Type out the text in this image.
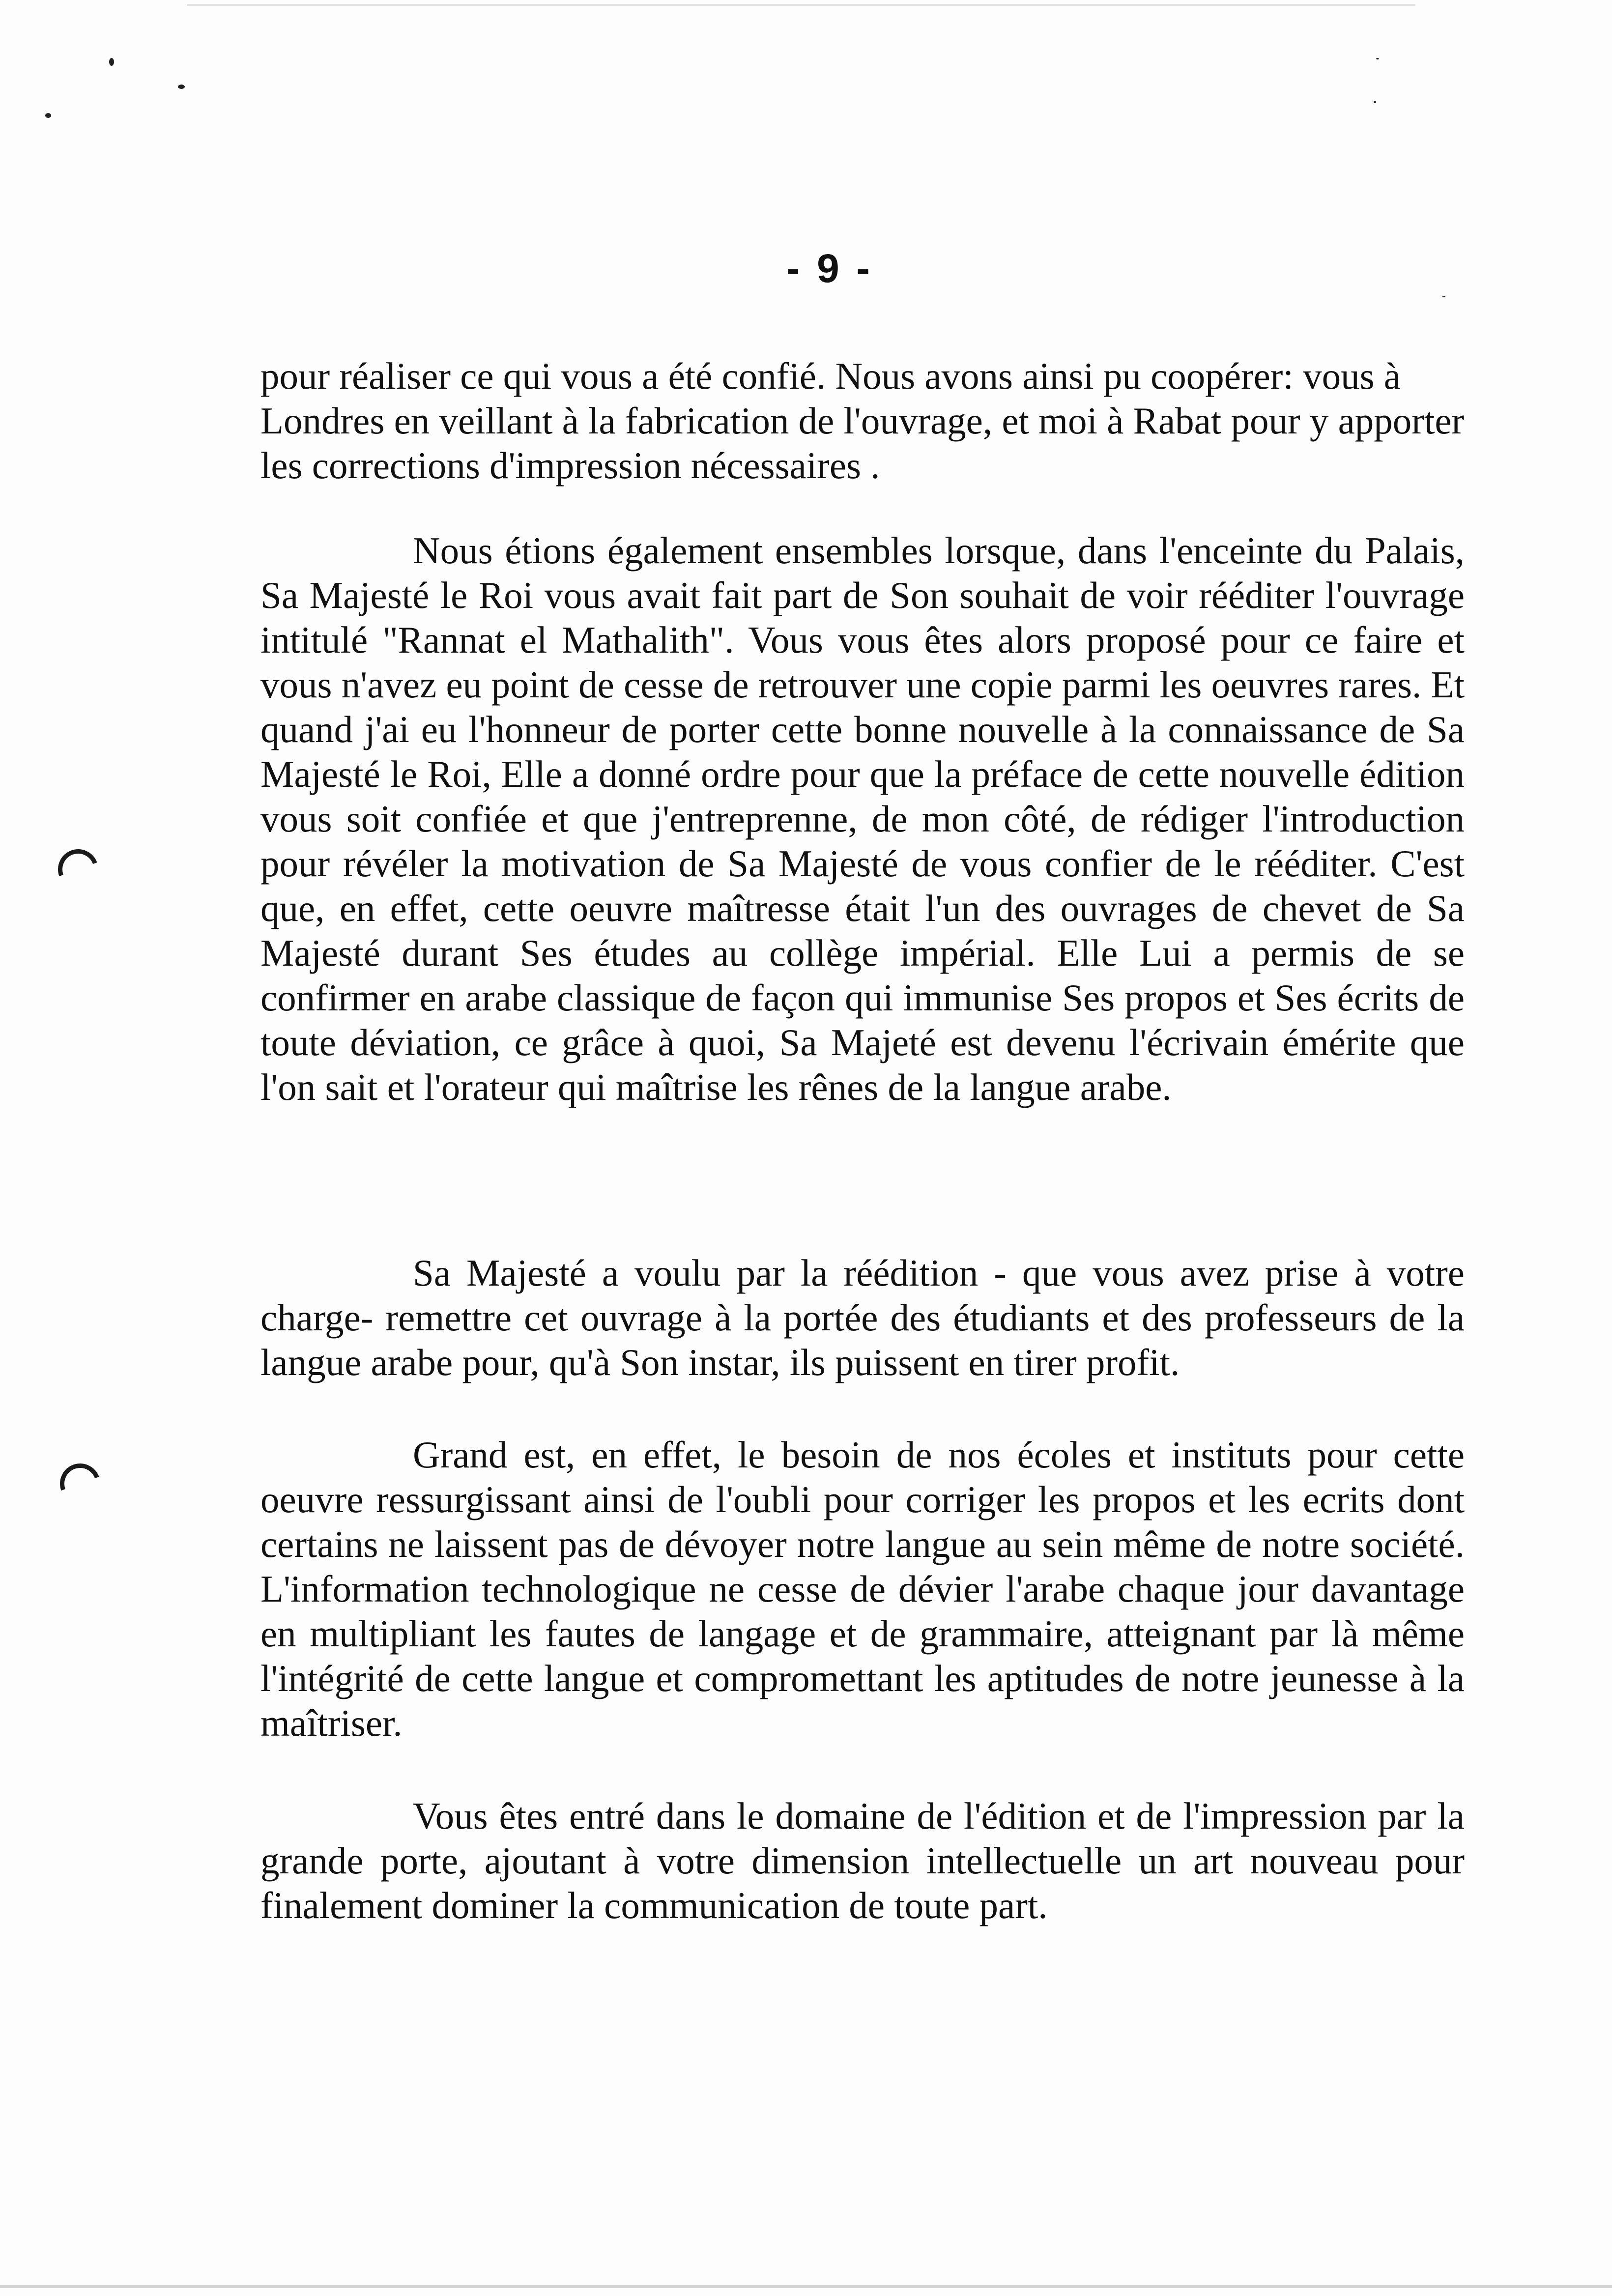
- 9 -

pour réaliser ce qui vous a été confié. Nous avons ainsi pu coopérer: vous à Londres en veillant à la fabrication de l'ouvrage, et moi à Rabat pour y apporter les corrections d'impression nécessaires .

Nous étions également ensembles lorsque, dans l'enceinte du Palais, Sa Majesté le Roi vous avait fait part de Son souhait de voir rééditer l'ouvrage intitulé "Rannat el Mathalith". Vous vous êtes alors proposé pour ce faire et vous n'avez eu point de cesse de retrouver une copie parmi les oeuvres rares. Et quand j'ai eu l'honneur de porter cette bonne nouvelle à la connaissance de Sa Majesté le Roi, Elle a donné ordre pour que la préface de cette nouvelle édition vous soit confiée et que j'entreprenne, de mon côté, de rédiger l'introduction pour révéler la motivation de Sa Majesté de vous confier de le rééditer. C'est que, en effet, cette oeuvre maîtresse était l'un des ouvrages de chevet de Sa Majesté durant Ses études au collège impérial. Elle Lui a permis de se confirmer en arabe classique de façon qui immunise Ses propos et Ses écrits de toute déviation, ce grâce à quoi, Sa Majeté est devenu l'écrivain émérite que l'on sait et l'orateur qui maîtrise les rênes de la langue arabe.

Sa Majesté a voulu par la réédition - que vous avez prise à votre charge- remettre cet ouvrage à la portée des étudiants et des professeurs de la langue arabe pour, qu'à Son instar, ils puissent en tirer profit.

Grand est, en effet, le besoin de nos écoles et instituts pour cette oeuvre ressurgissant ainsi de l'oubli pour corriger les propos et les ecrits dont certains ne laissent pas de dévoyer notre langue au sein même de notre société. L'information technologique ne cesse de dévier l'arabe chaque jour davantage en multipliant les fautes de langage et de grammaire, atteignant par là même l'intégrité de cette langue et compromettant les aptitudes de notre jeunesse à la maîtriser.

Vous êtes entré dans le domaine de l'édition et de l'impression par la grande porte, ajoutant à votre dimension intellectuelle un art nouveau pour finalement dominer la communication de toute part.
